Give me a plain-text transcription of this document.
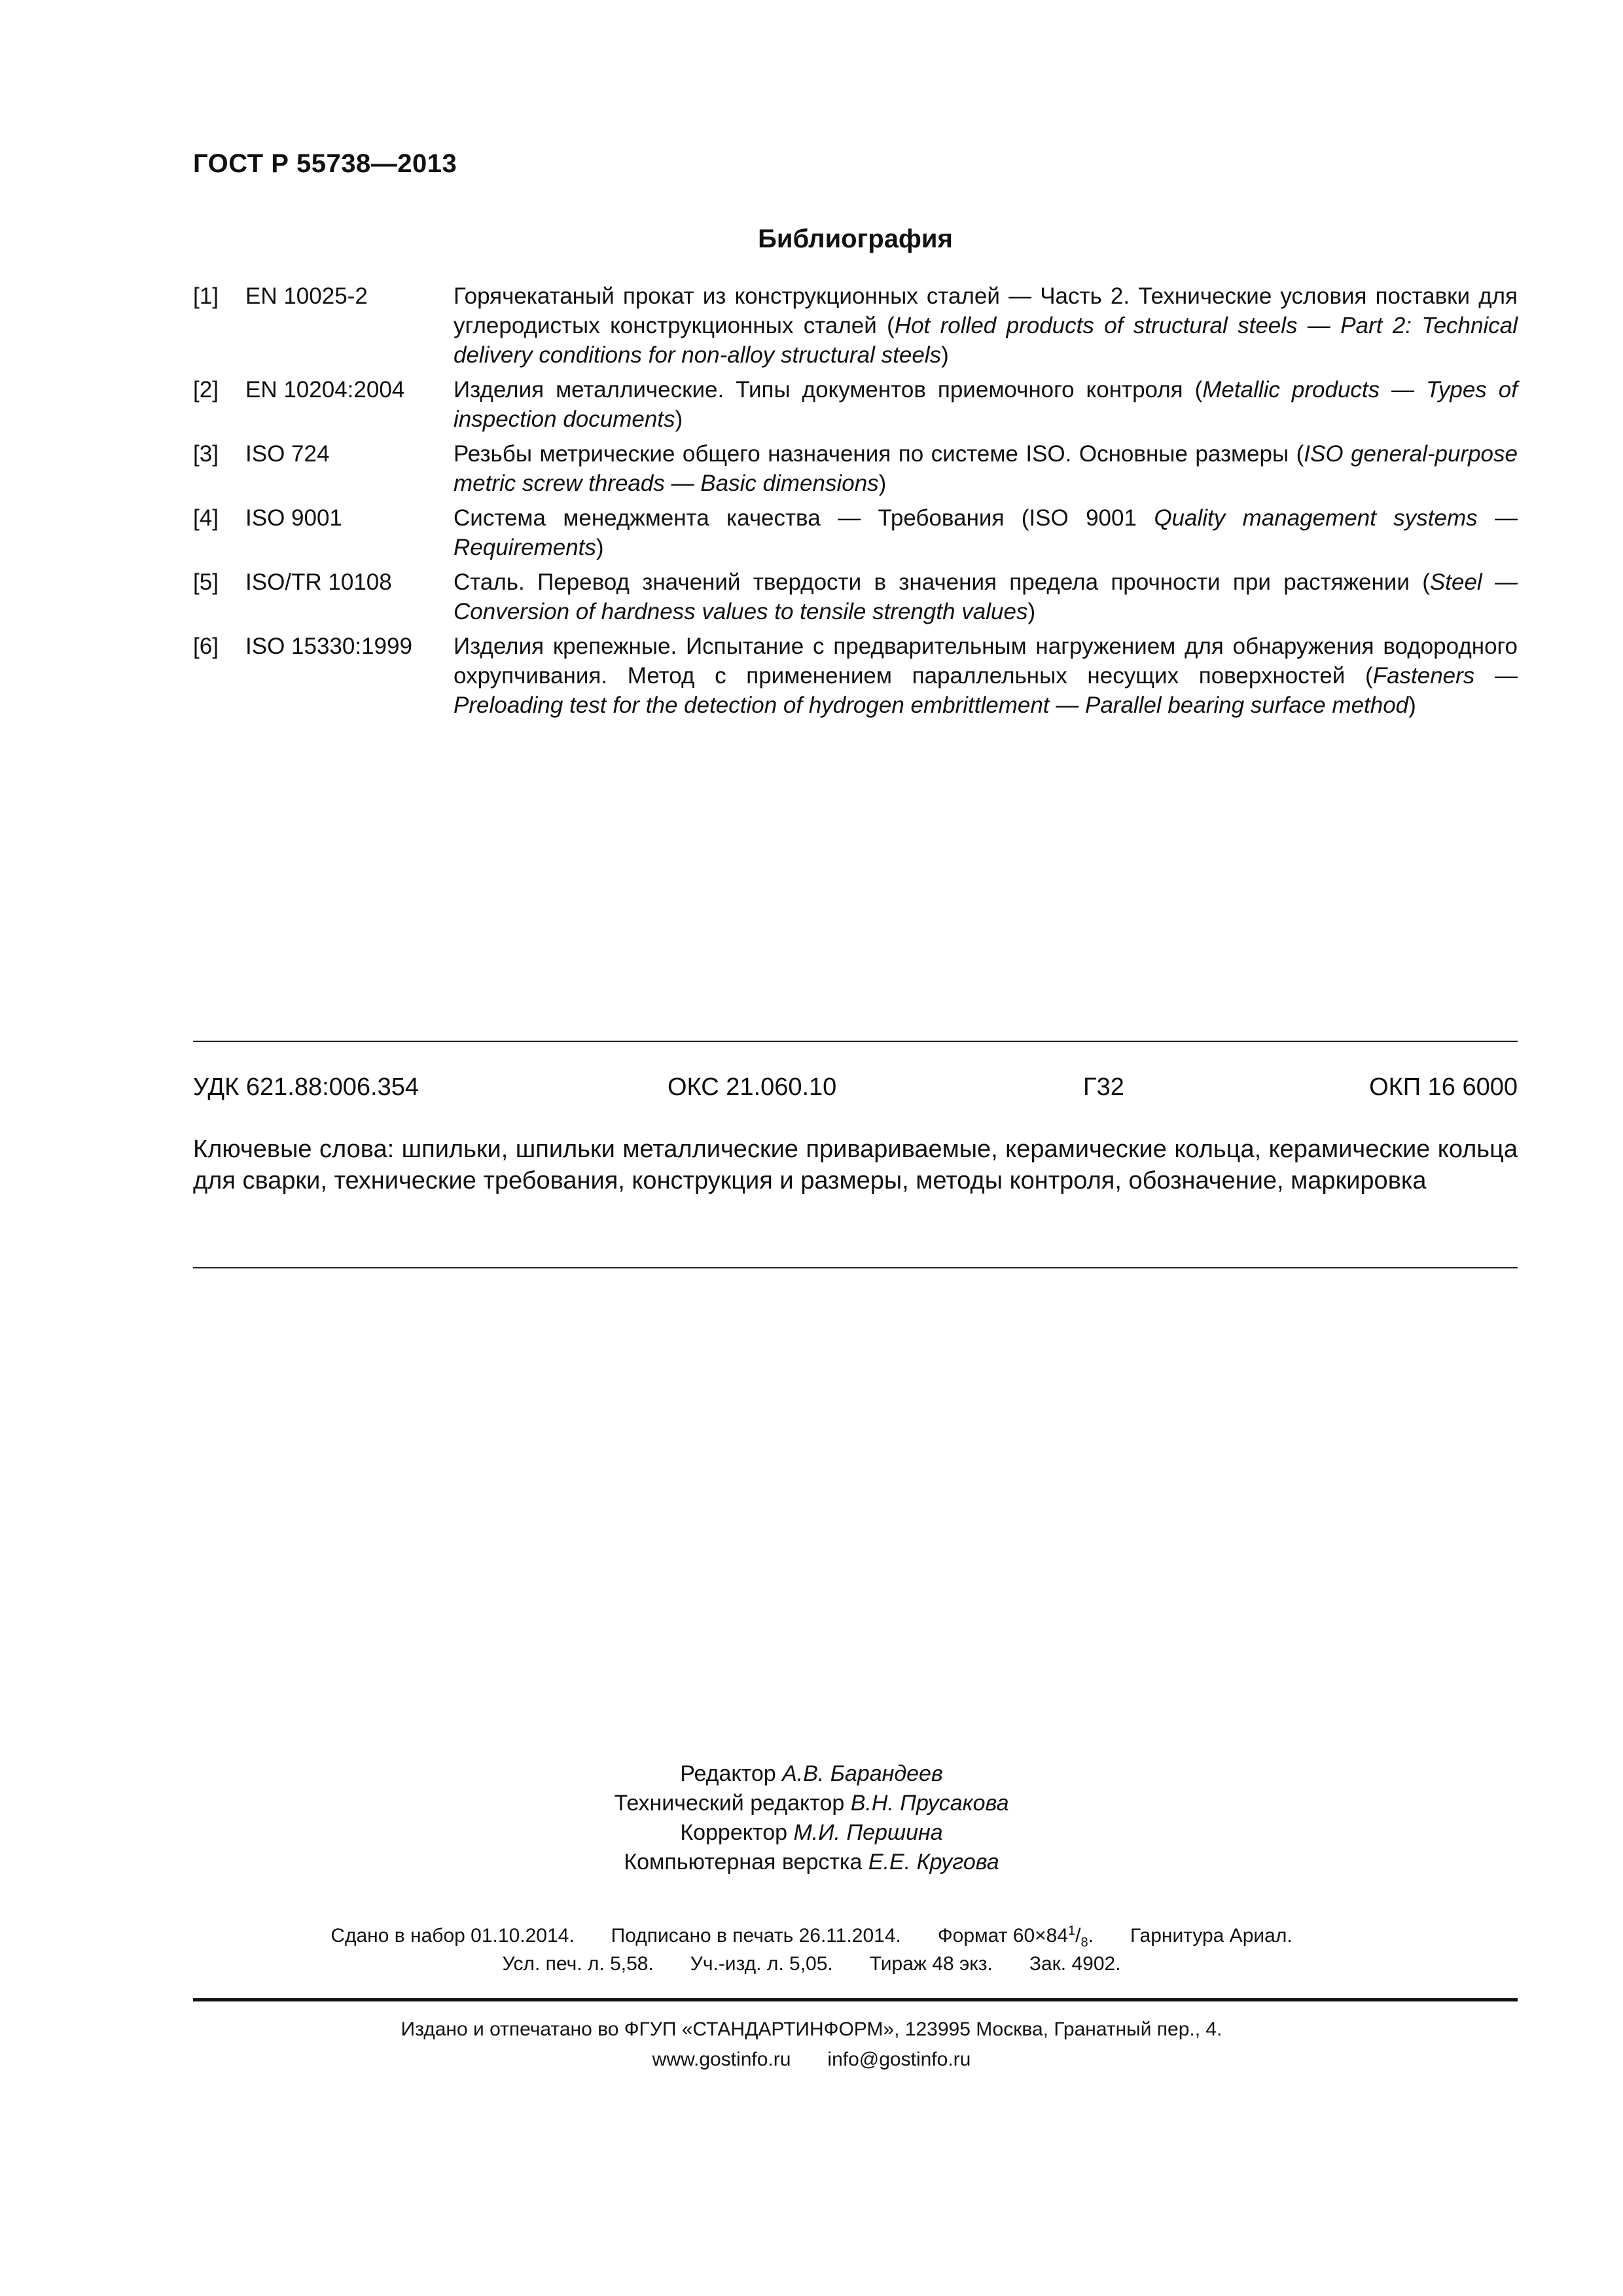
ГОСТ Р 55738—2013
Библиография
[1]	EN 10025-2	Горячекатаный прокат из конструкционных сталей — Часть 2. Технические условия поставки для углеродистых конструкционных сталей (Hot rolled products of structural steels — Part 2: Technical delivery conditions for non-alloy structural steels)
[2]	EN 10204:2004	Изделия металлические. Типы документов приемочного контроля (Metallic products — Types of inspection documents)
[3]	ISO 724	Резьбы метрические общего назначения по системе ISO. Основные размеры (ISO general-purpose metric screw threads — Basic dimensions)
[4]	ISO 9001	Система менеджмента качества — Требования (ISO 9001 Quality management systems — Requirements)
[5]	ISO/TR 10108	Сталь. Перевод значений твердости в значения предела прочности при растяжении (Steel — Conversion of hardness values to tensile strength values)
[6]	ISO 15330:1999	Изделия крепежные. Испытание с предварительным нагружением для обнаружения водородного охрупчивания. Метод с применением параллельных несущих поверхностей (Fasteners — Preloading test for the detection of hydrogen embrittlement — Parallel bearing surface method)
УДК 621.88:006.354	ОКС 21.060.10	Г32	ОКП 16 6000
Ключевые слова: шпильки, шпильки металлические привариваемые, керамические кольца, керамические кольца для сварки, технические требования, конструкция и размеры, методы контроля, обозначение, маркировка
Редактор А.В. Барандеев
Технический редактор В.Н. Прусакова
Корректор М.И. Першина
Компьютерная верстка Е.Е. Кругова
Сдано в набор 01.10.2014. Подписано в печать 26.11.2014. Формат $60\times 84^1/_8$. Гарнитура Ариал.
Усл. печ. л. 5,58. Уч.-изд. л. 5,05. Тираж 48 экз. Зак. 4902.
Издано и отпечатано во ФГУП «СТАНДАРТИНФОРМ», 123995 Москва, Гранатный пер., 4.
www.gostinfo.ru info@gostinfo.ru
